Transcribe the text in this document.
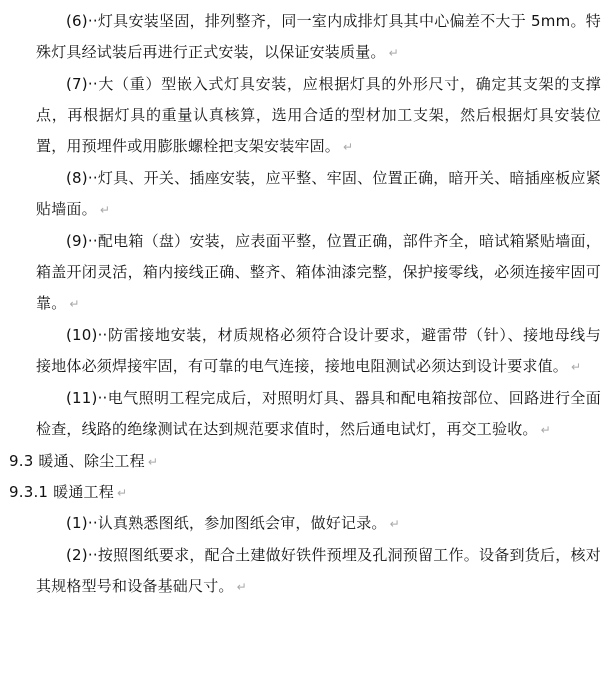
(6)··灯具安装坚固，排列整齐，同一室内成排灯具其中心偏差不大于 5mm。特殊灯具经试装后再进行正式安装，以保证安装质量。 ↵

(7)··大（重）型嵌入式灯具安装，应根据灯具的外形尺寸，确定其支架的支撑点，再根据灯具的重量认真核算，选用合适的型材加工支架，然后根据灯具安装位置，用预埋件或用膨胀螺栓把支架安装牢固。 ↵

(8)··灯具、开关、插座安装，应平整、牢固、位置正确，暗开关、暗插座板应紧贴墙面。 ↵

(9)··配电箱（盘）安装，应表面平整，位置正确，部件齐全，暗试箱紧贴墙面，箱盖开闭灵活，箱内接线正确、整齐、箱体油漆完整，保护接零线，必须连接牢固可靠。 ↵

(10)··防雷接地安装，材质规格必须符合设计要求，避雷带（针）、接地母线与接地体必须焊接牢固，有可靠的电气连接，接地电阻测试必须达到设计要求值。 ↵

(11)··电气照明工程完成后，对照明灯具、器具和配电箱按部位、回路进行全面检查，线路的绝缘测试在达到规范要求值时，然后通电试灯，再交工验收。 ↵

9.3 暖通、除尘工程 ↵

9.3.1 暖通工程 ↵

(1)··认真熟悉图纸，参加图纸会审，做好记录。 ↵

(2)··按照图纸要求，配合土建做好铁件预埋及孔洞预留工作。设备到货后，核对其规格型号和设备基础尺寸。 ↵
